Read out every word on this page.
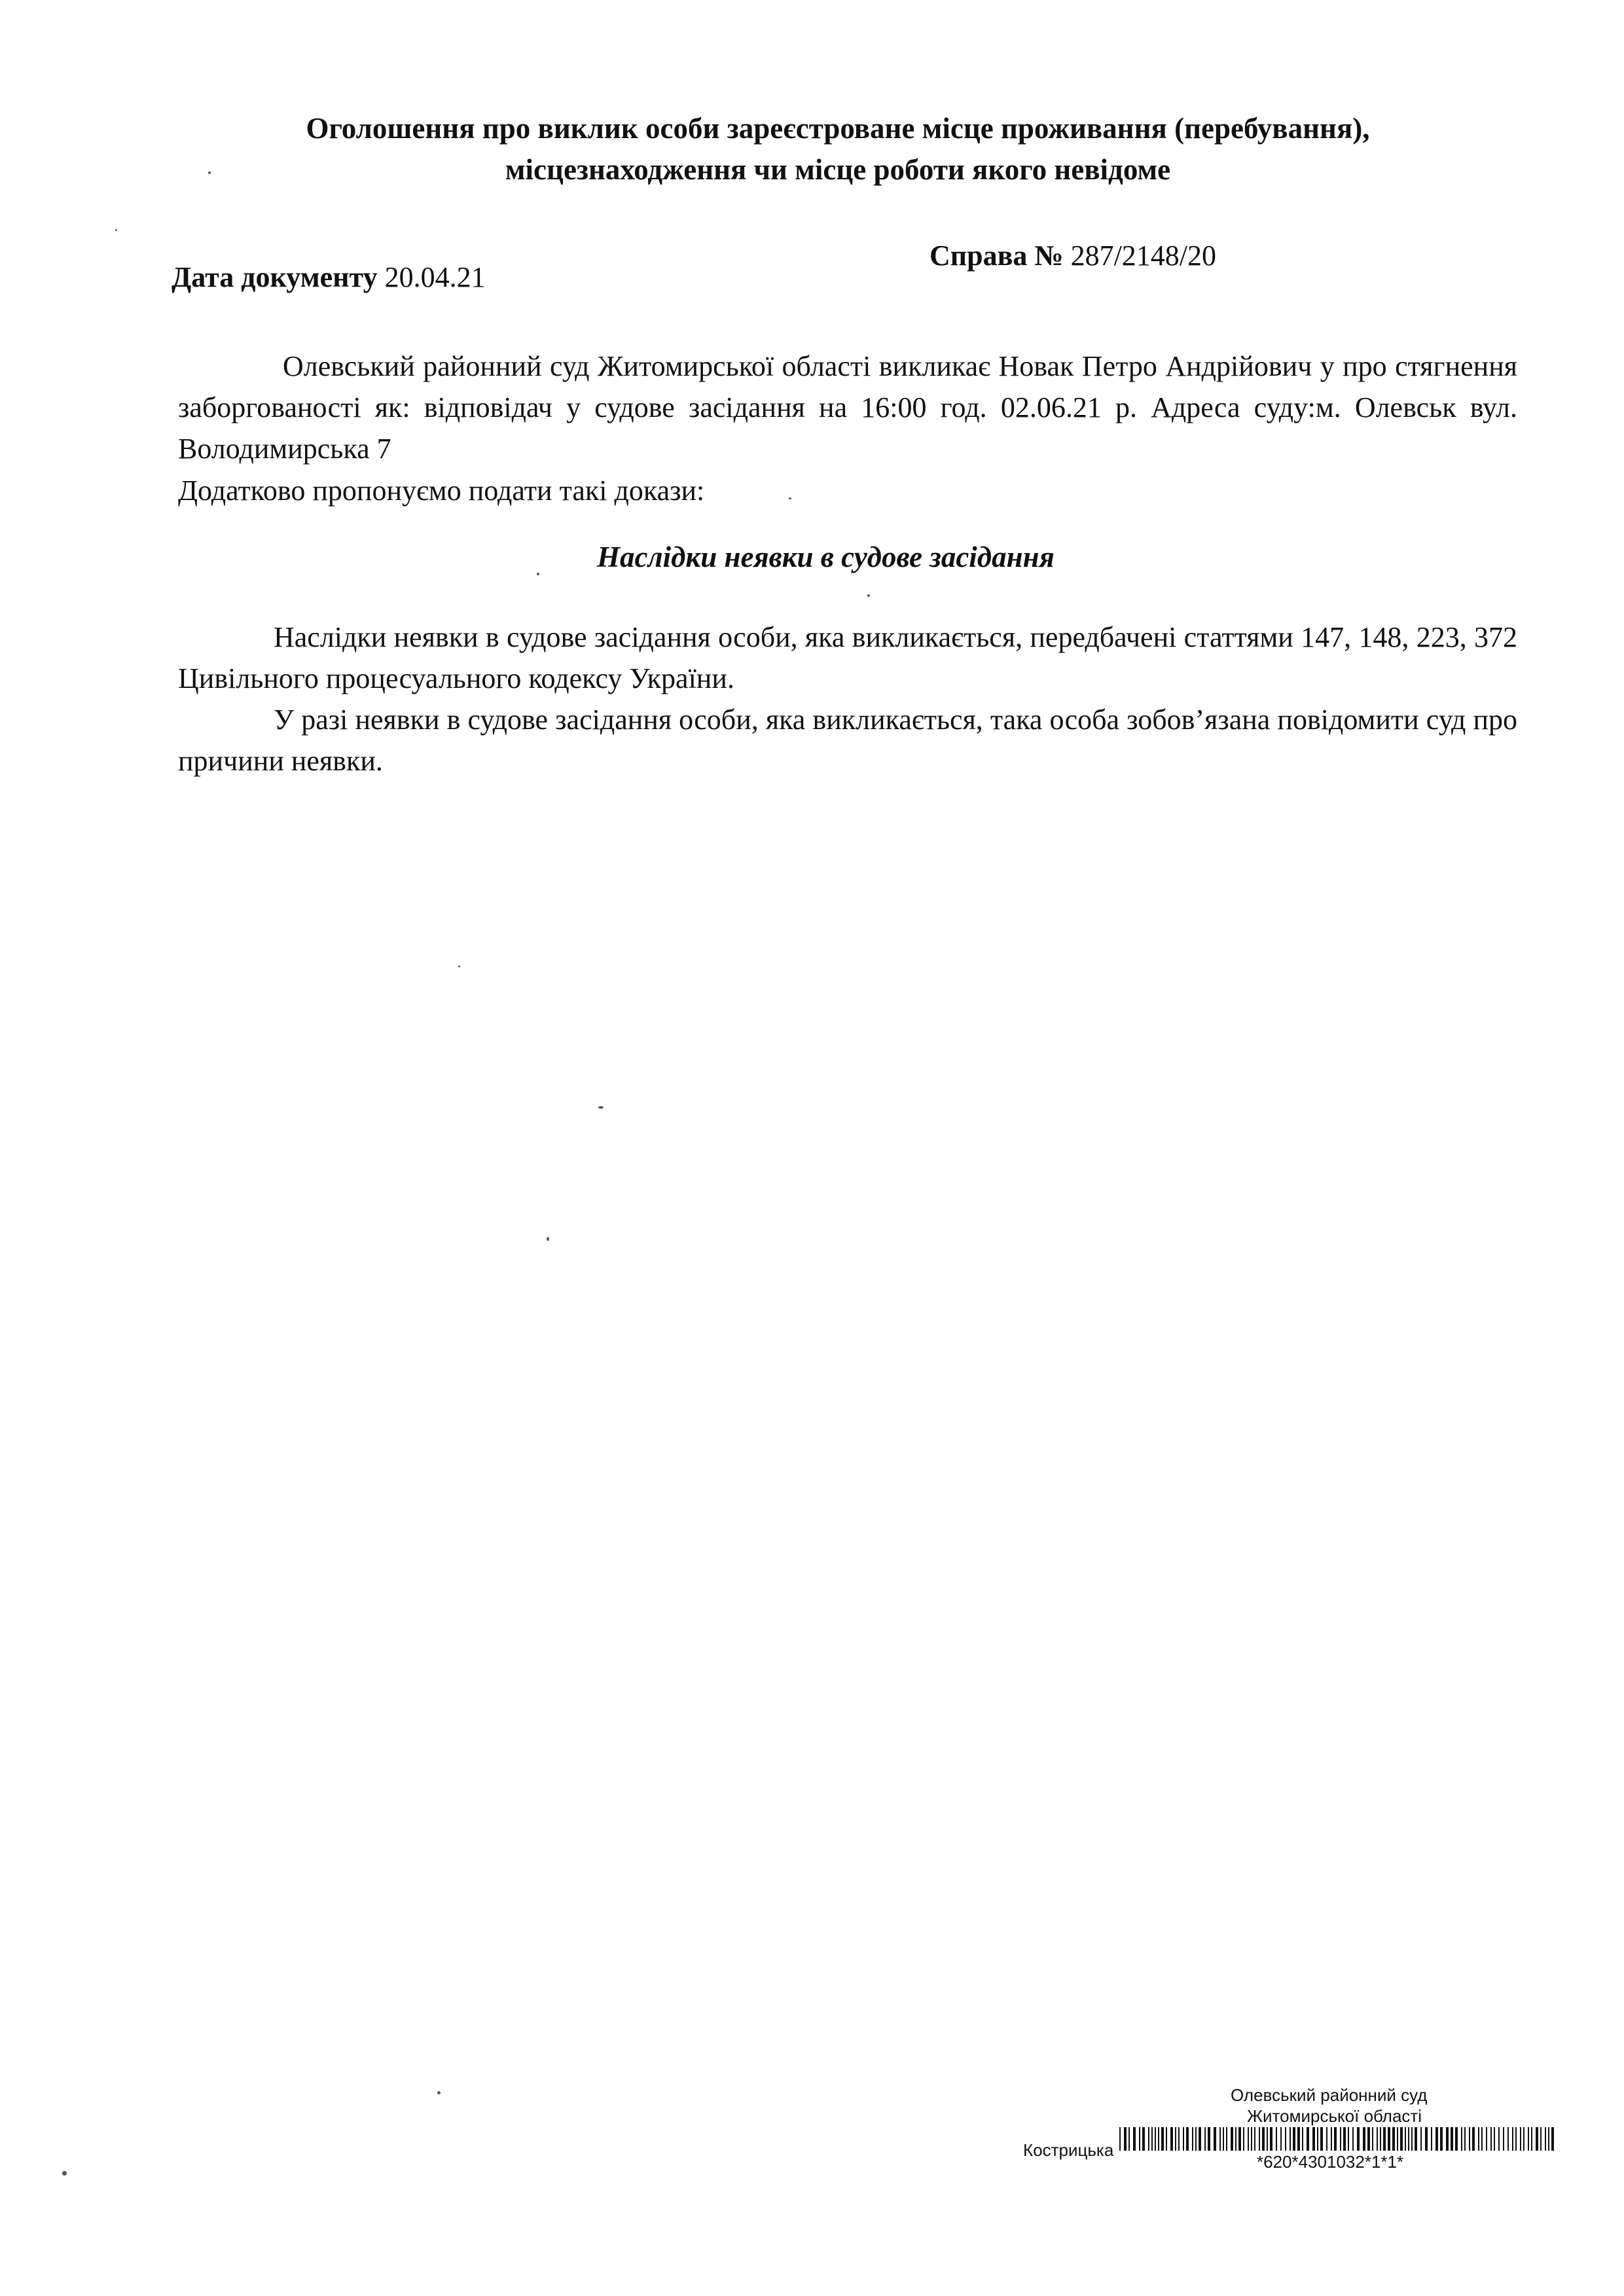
Оголошення про виклик особи зареєстроване місце проживання (перебування),
місцезнаходження чи місце роботи якого невідоме
Дата документу 20.04.21
Справа № 287/2148/20
Олевський районний суд Житомирської області викликає Новак Петро Андрійович у про стягнення заборгованості як: відповідач у судове засідання на 16:00 год. 02.06.21 р. Адреса суду:м. Олевськ вул. Володимирська 7
Додатково пропонуємо подати такі докази:
Наслідки неявки в судове засідання
Наслідки неявки в судове засідання особи, яка викликається, передбачені статтями 147, 148, 223, 372 Цивільного процесуального кодексу України.
У разі неявки в судове засідання особи, яка викликається, така особа зобов’язана повідомити суд про причини неявки.
Олевський районний суд
Житомирської області
Кострицька
*620*4301032*1*1*
